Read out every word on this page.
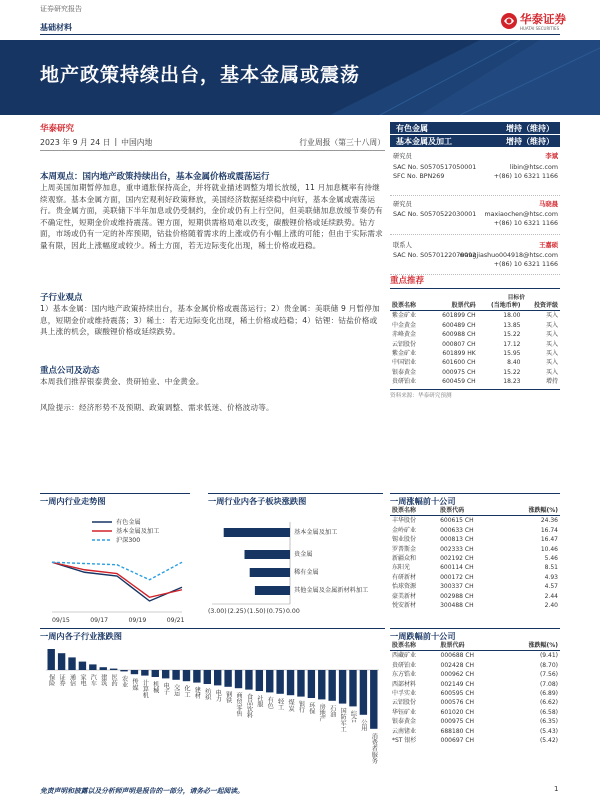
证券研究报告
基础材料
华泰证券
HUATAI SECURITIES
地产政策持续出台，基本金属或震荡
华泰研究
2023 年 9 月 24 日 | 中国内地	行业周报（第三十八周）
本周观点：国内地产政策持续出台，基本金属价格或震荡运行
上周美国加期暂停加息，重申通胀保持高企，并将就业描述调整为增长放缓，11 月加息概率有待继续观察。基本金属方面，国内宏观利好政策释放，美国经济数据延续稳中向好，基本金属或震荡运行。贵金属方面，美联储下半年加息或仍受制约，金价或仍有上行空间，但美联储加息放缓节奏仍有不确定性，短期金价或维持震荡。锂方面，短期供需格局难以改变，碳酸锂价格或延续跌势。钴方面，市场或仍有一定的补库预期，钴盐价格随着需求的上涨或仍有小幅上涨的可能；但由于实际需求量有限，因此上涨幅度或较少。稀土方面，若无边际变化出现，稀土价格或趋稳。
子行业观点
1）基本金属：国内地产政策持续出台，基本金属价格或震荡运行；2）贵金属：美联储 9 月暂停加息，短期金价或维持震荡；3）稀土：若无边际变化出现，稀土价格或趋稳；4）钴锂：钴盐价格或具上涨的机会，碳酸锂价格或延续跌势。
重点公司及动态
本周我们推荐银泰黄金、贵研铂业、中金黄金。
风险提示：经济形势不及预期、政策调整、需求低迷、价格波动等。
有色金属	增持（维持）
基本金属及加工	增持（维持）
研究员	李斌
SAC No. S0570517050001	libin@htsc.com
SFC No. BPN269	+(86) 10 6321 1166
研究员	马晓晨
SAC No. S0570522030001 maxiaochen@htsc.com
+(86) 10 6321 1166
联系人	王嘉硕
SAC No. S0570122070092
wangjiashuo004918@htsc.com
+(86) 10 6321 1166
重点推荐
目标价
股票名称	股票代码	(当地币种)	投资评级
紫金矿业	601899 CH	18.00	买入
中金黄金	600489 CH	13.85	买入
赤峰黄金	600988 CH	15.22	买入
云铝股份	000807 CH	17.12	买入
紫金矿业	601899 HK	15.95	买入
中国铝业	601600 CH	8.40	买入
银泰黄金	000975 CH	15.22	买入
贵研铂业	600459 CH	18.23	增持
资料来源：华泰研究预测
一周内行业走势图
有色金属
基本金属及加工
沪深300
09/15	09/17	09/19	09/21
一周行业内各子板块涨跌图
基本金属及加工
贵金属
稀有金属
其他金属及金属新材料加工
(3.00) (2.25) (1.50) (0.75) 0.00
一周内各子行业涨跌图
保险 证券 通信 家电 汽车 建筑 医药 农业 传媒 计算机 机械 电子 交运 化工 建材 纺织 电力 钢铁 商贸零售 食品饮料 社服 有色 轻工 煤炭 银行 环保 房地产 石油 国防军工 综合
公用
消费者服务
一周涨幅前十公司
股票名称	股票代码	涨跌幅(%)
丰华股份	600615 CH	24.36
金岭矿业	000633 CH	16.74
锡业股份	000813 CH	16.47
罗普斯金	002333 CH	10.46
新疆众和	002192 CH	5.46
东阳光	600114 CH	8.51
有研新材	000172 CH	4.93
怡球资源	300337 CH	4.57
豪美新材	002988 CH	2.44
悦安新材	300488 CH	2.40
一周跌幅前十公司
股票名称	股票代码	涨跌幅(%)
西藏矿业	000688 CH	(9.41)
贵研铂业	002428 CH	(8.70)
东方锆业	000962 CH	(7.56)
西部材料	002149 CH	(7.08)
中孚实业	600595 CH	(6.89)
云铝股份	000576 CH	(6.62)
华钰矿业	601020 CH	(6.58)
银泰黄金	000975 CH	(6.35)
云南锗业	688180 CH	(5.43)
*ST 银杉	000697 CH	(5.42)
免责声明和披露以及分析师声明是报告的一部分，请务必一起阅读。	1
